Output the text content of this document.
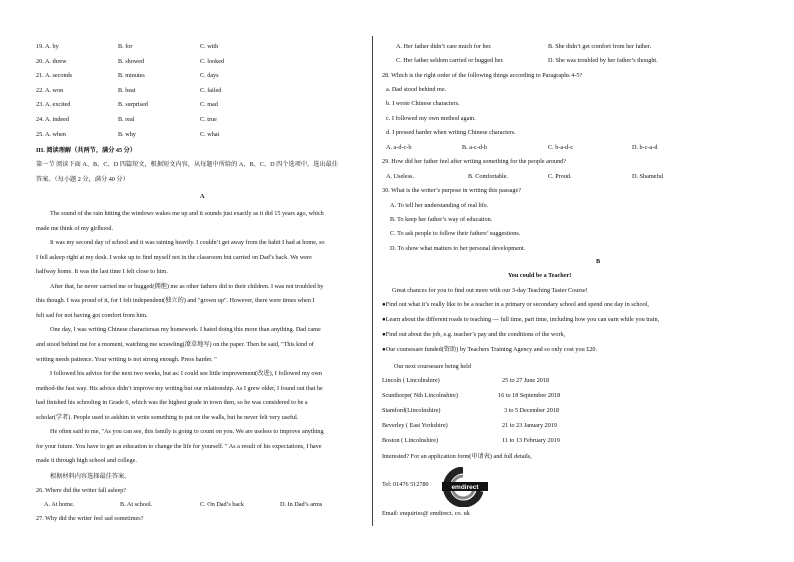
19. A. by	B. for	C. with
20. A. threw	B. showed	C. looked
21. A. seconds	B. minutes	C. days
22. A. won	B. beat	C. failed
23. A. excited	B. surprised	C. mad
24. A. indeed	B. real	C. true
25. A. when	B. why	C. what
III. 阅读理解（共两节，满分 45 分）
第一节 阅读下面 A、B、C、D 四篇短文，根据短文内容，从每题中所给的 A、B、C、D 四个选项中，选出最佳
答案。（每小题 2 分，满分 40 分）
A
The sound of the rain hitting the windows wakes me up and it sounds just exactly as it did 15 years ago, which
made me think of my girlhood.
It was my second day of school and it was raining heavily. I couldn’t get away from the habit I had at home, so
I fell asleep right at my desk. I woke up to find myself not in the classroom but carried on Dad’s back. We were
halfway home. It was the last time I felt close to him.
After that, he never carried me or hugged(拥抱) me as other fathers did to their children. I was not troubled by
this though. I was proud of it, for I felt independent(独立的) and "grown up". However, there were times when I
felt sad for not having got comfort from him.
One day, I was writing Chinese charactersas my homework. I hated doing this more than anything. Dad came
and stood behind me for a moment, watching me scrawling(潦草地写) on the paper. Then he said, "This kind of
writing needs patience. Your writing is not strong enough. Press harder. "
I followed his advice for the next two weeks, but as: I could see little improvement(改进), I followed my own
method-the fast way. His advice didn’t improve my writing but our relationship. As I grew older, I found out that he
had finished his schooling in Grade 6, which was the highest grade in town then, so he was considered to be a
scholar(学者). People used to askhim to write something to put on the walls, but he never felt very useful.
He often said to me, "As you can see, this family is going to count on you. We are useless to improve anything
for your future. You have to get an education to change the life for yourself. " As a result of his expectations, I have
made it through high school and college.
根据材料内容选择最佳答案。
26. Where did the writer fall asleep?
A. At home.	B. At school.	C. On Dad’s back	D. In Dad’s arms
27. Why did the writer feel sad sometimes?
A. Her father didn’t care much for her.	B. She didn’t get comfort from her father.
C. Her father seldom carried or hugged her.	D. She was troubled by her father’s thought.
28. Which is the right order of the following things according to Paragraphs 4-5?
a. Dad stood behind me.
b. I wrote Chinese characters.
c. I followed my own method again.
d. I pressed harder when writing Chinese characters.
A. a-d-c-b	B. a-c-d-b	C. b-a-d-c	D. b-c-a-d
29. How did her father feel after writing something for the people around?
A. Useless.	B. Comfortable.	C. Proud.	D. Shameful
30. What is the writer’s purpose in writing this passage?
A. To tell her understanding of real life.
B. To keep her father’s way of education.
C. To ask people to follow their fathers’ suggestions.
D. To show what matters to her personal development.
B
You could be a Teacher!
Great chances for you to find out more with our 3-day Teaching Taster Course!
●Find out what it’s really like to be a teacher in a primary or secondary school and spend one day in school,
●Learn about the different roads to teaching — full time, part time, including how you can earn while you train,
●Find out about the job, e.g. teacher’s pay and the conditions of the work,
●Our coursesare funded(资助) by Teachers Training Agency and so only cost you £20.
Our next coursesare being held
Lincoln ( Lincolnshire)	25 to 27 June 2018
Scunthorpe( Nth Lincolnshire)	16 to 18 September 2018
Stamford(Lincolnshire)	3 to 5 December 2018
Beverley ( East Yorkshire)	21 to 23 January 2019
Boston ( Lincolnshire)	11 to 13 February 2019
Interested? For an application form(申请表) and full details,
Tel: 01476 512780
Email: enquiries@ emdirect. co. uk
emdirect
